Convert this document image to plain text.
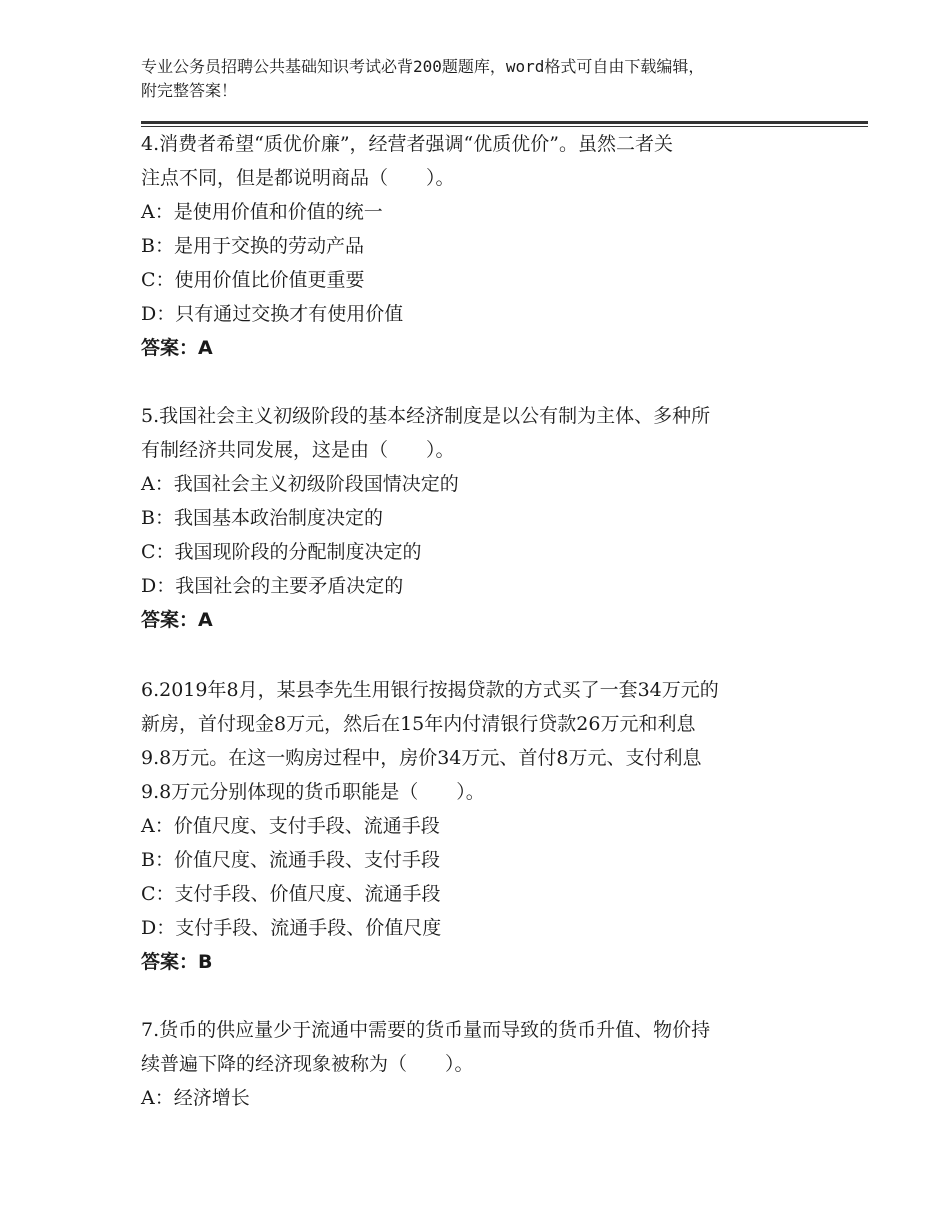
专业公务员招聘公共基础知识考试必背200题题库，word格式可自由下载编辑，
附完整答案！

4.消费者希望“质优价廉”，经营者强调“优质优价”。虽然二者关

注点不同，但是都说明商品（　　）。

A：是使用价值和价值的统一

B：是用于交换的劳动产品

C：使用价值比价值更重要

D：只有通过交换才有使用价值

答案：A

5.我国社会主义初级阶段的基本经济制度是以公有制为主体、多种所

有制经济共同发展，这是由（　　）。

A：我国社会主义初级阶段国情决定的

B：我国基本政治制度决定的

C：我国现阶段的分配制度决定的

D：我国社会的主要矛盾决定的

答案：A

6.2019年8月，某县李先生用银行按揭贷款的方式买了一套34万元的

新房，首付现金8万元，然后在15年内付清银行贷款26万元和利息

9.8万元。在这一购房过程中，房价34万元、首付8万元、支付利息

9.8万元分别体现的货币职能是（　　）。

A：价值尺度、支付手段、流通手段

B：价值尺度、流通手段、支付手段

C：支付手段、价值尺度、流通手段

D：支付手段、流通手段、价值尺度

答案：B

7.货币的供应量少于流通中需要的货币量而导致的货币升值、物价持

续普遍下降的经济现象被称为（　　）。

A：经济增长
